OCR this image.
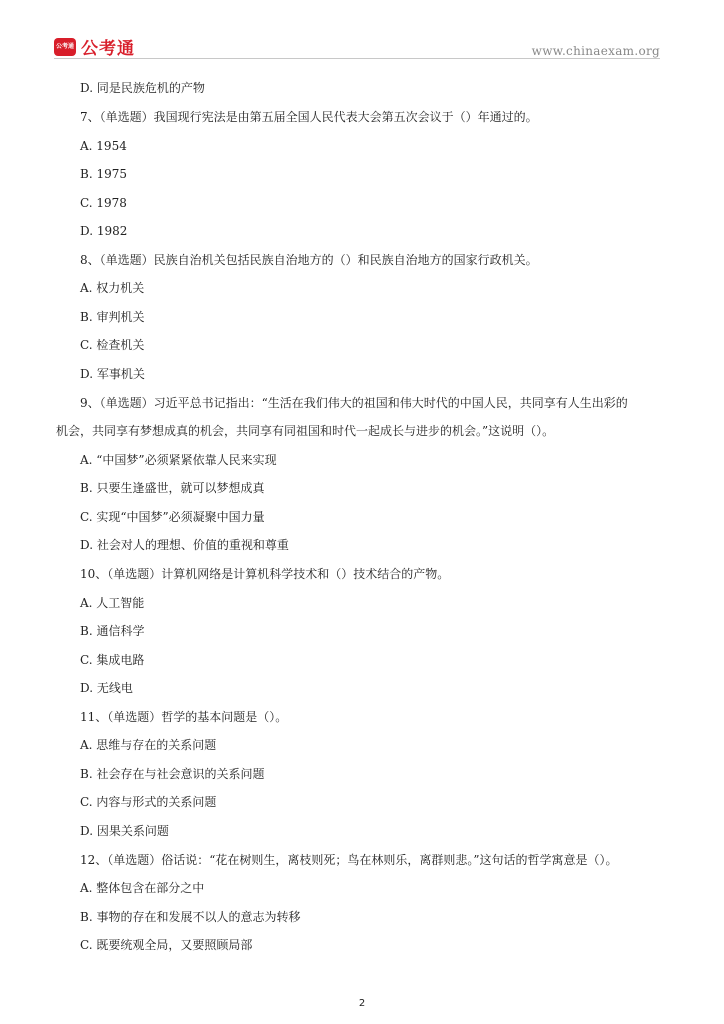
公考通 公考通	www.chinaexam.org
D. 同是民族危机的产物
7、（单选题）我国现行宪法是由第五届全国人民代表大会第五次会议于（）年通过的。
A. 1954
B. 1975
C. 1978
D. 1982
8、（单选题）民族自治机关包括民族自治地方的（）和民族自治地方的国家行政机关。
A. 权力机关
B. 审判机关
C. 检查机关
D. 军事机关
9、（单选题）习近平总书记指出：“生活在我们伟大的祖国和伟大时代的中国人民，共同享有人生出彩的
机会，共同享有梦想成真的机会，共同享有同祖国和时代一起成长与进步的机会。”这说明（）。
A. “中国梦”必须紧紧依靠人民来实现
B. 只要生逢盛世，就可以梦想成真
C. 实现“中国梦”必须凝聚中国力量
D. 社会对人的理想、价值的重视和尊重
10、（单选题）计算机网络是计算机科学技术和（）技术结合的产物。
A. 人工智能
B. 通信科学
C. 集成电路
D. 无线电
11、（单选题）哲学的基本问题是（）。
A. 思维与存在的关系问题
B. 社会存在与社会意识的关系问题
C. 内容与形式的关系问题
D. 因果关系问题
12、（单选题）俗话说：“花在树则生，离枝则死；鸟在林则乐，离群则悲。”这句话的哲学寓意是（）。
A. 整体包含在部分之中
B. 事物的存在和发展不以人的意志为转移
C. 既要统观全局，又要照顾局部
2
